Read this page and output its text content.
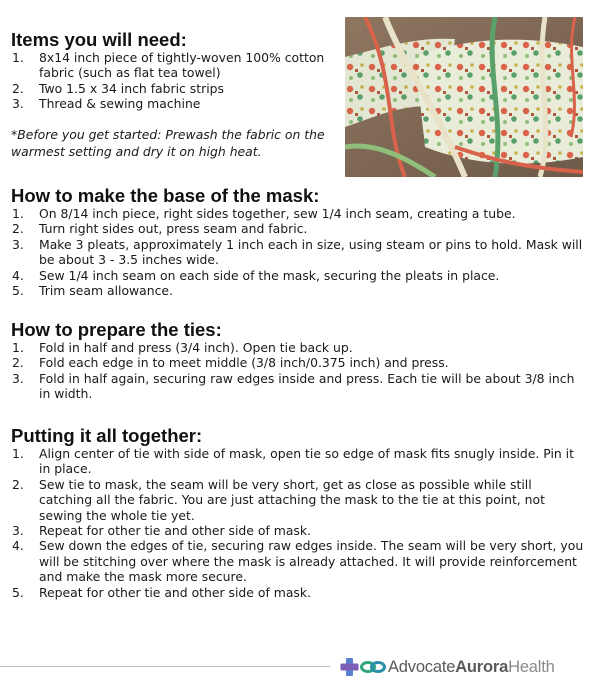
Items you will need:
1. 8x14 inch piece of tightly-woven 100% cotton fabric (such as flat tea towel)
2. Two 1.5 x 34 inch fabric strips
3. Thread & sewing machine
*Before you get started: Prewash the fabric on the warmest setting and dry it on high heat.
How to make the base of the mask:
1. On 8/14 inch piece, right sides together, sew 1/4 inch seam, creating a tube.
2. Turn right sides out, press seam and fabric.
3. Make 3 pleats, approximately 1 inch each in size, using steam or pins to hold. Mask will be about 3 - 3.5 inches wide.
4. Sew 1/4 inch seam on each side of the mask, securing the pleats in place.
5. Trim seam allowance.
How to prepare the ties:
1. Fold in half and press (3/4 inch). Open tie back up.
2. Fold each edge in to meet middle (3/8 inch/0.375 inch) and press.
3. Fold in half again, securing raw edges inside and press. Each tie will be about 3/8 inch in width.
Putting it all together:
1. Align center of tie with side of mask, open tie so edge of mask fits snugly inside. Pin it in place.
2. Sew tie to mask, the seam will be very short, get as close as possible while still catching all the fabric. You are just attaching the mask to the tie at this point, not sewing the whole tie yet.
3. Repeat for other tie and other side of mask.
4. Sew down the edges of tie, securing raw edges inside. The seam will be very short, you will be stitching over where the mask is already attached. It will provide reinforcement and make the mask more secure.
5. Repeat for other tie and other side of mask.
Advocate Aurora Health
